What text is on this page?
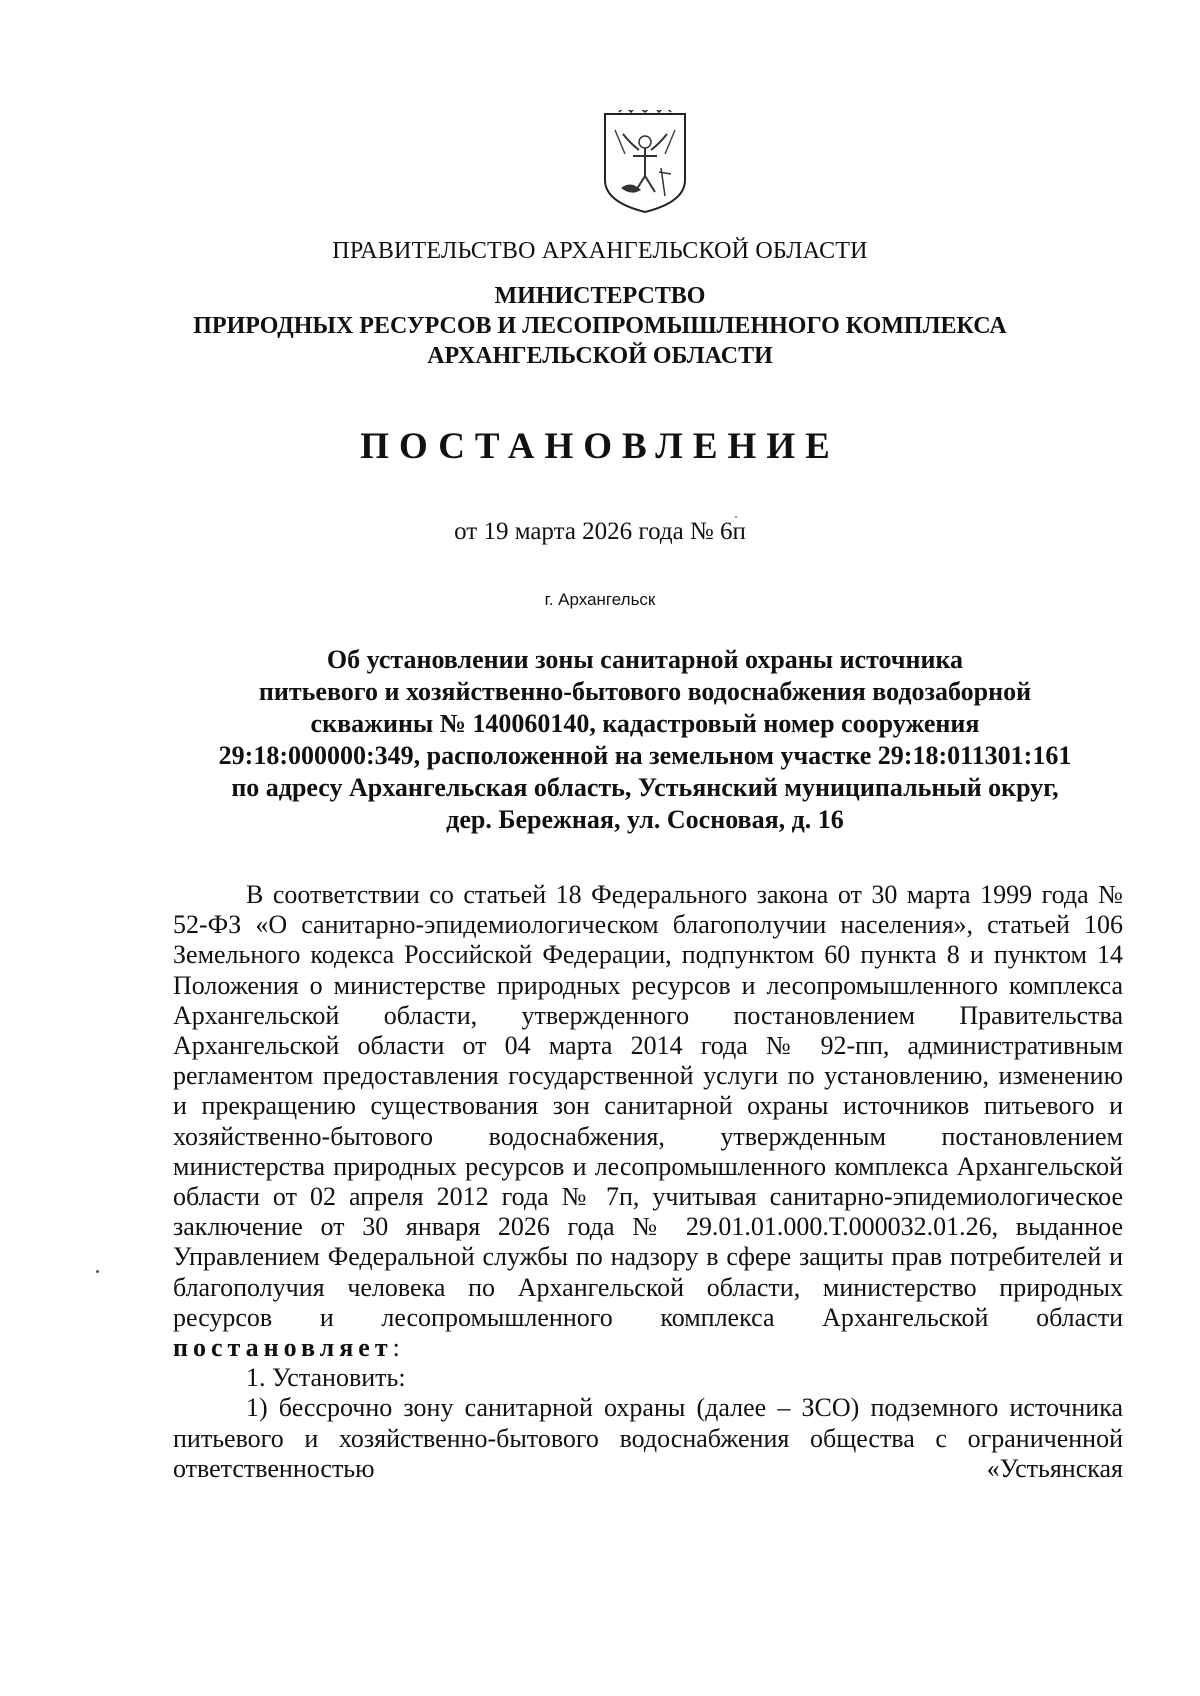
ПРАВИТЕЛЬСТВО АРХАНГЕЛЬСКОЙ ОБЛАСТИ
МИНИСТЕРСТВО
ПРИРОДНЫХ РЕСУРСОВ И ЛЕСОПРОМЫШЛЕННОГО КОМПЛЕКСА
АРХАНГЕЛЬСКОЙ ОБЛАСТИ
ПОСТАНОВЛЕНИЕ
от 19 марта 2026 года № 6п
г. Архангельск
Об установлении зоны санитарной охраны источника
питьевого и хозяйственно-бытового водоснабжения водозаборной
скважины № 140060140, кадастровый номер сооружения
29:18:000000:349, расположенной на земельном участке 29:18:011301:161
по адресу Архангельская область, Устьянский муниципальный округ,
дер. Бережная, ул. Сосновая, д. 16

В соответствии со статьей 18 Федерального закона от 30 марта 1999 года № 52-ФЗ «О санитарно-эпидемиологическом благополучии населения», статьей 106 Земельного кодекса Российской Федерации, подпунктом 60 пункта 8 и пунктом 14 Положения о министерстве природных ресурсов и лесопромышленного комплекса Архангельской области, утвержденного постановлением Правительства Архангельской области от 04 марта 2014 года № 92-пп, административным регламентом предоставления государственной услуги по установлению, изменению и прекращению существования зон санитарной охраны источников питьевого и хозяйственно-бытового водоснабжения, утвержденным постановлением министерства природных ресурсов и лесопромышленного комплекса Архангельской области от 02 апреля 2012 года № 7п, учитывая санитарно-эпидемиологическое заключение от 30 января 2026 года № 29.01.01.000.Т.000032.01.26, выданное Управлением Федеральной службы по надзору в сфере защиты прав потребителей и благополучия человека по Архангельской области, министерство природных ресурсов и лесопромышленного комплекса Архангельской области

постановляет:

1. Установить:

1) бессрочно зону санитарной охраны (далее – ЗСО) подземного источника питьевого и хозяйственно-бытового водоснабжения общества с ограниченной ответственностью «Устьянская
